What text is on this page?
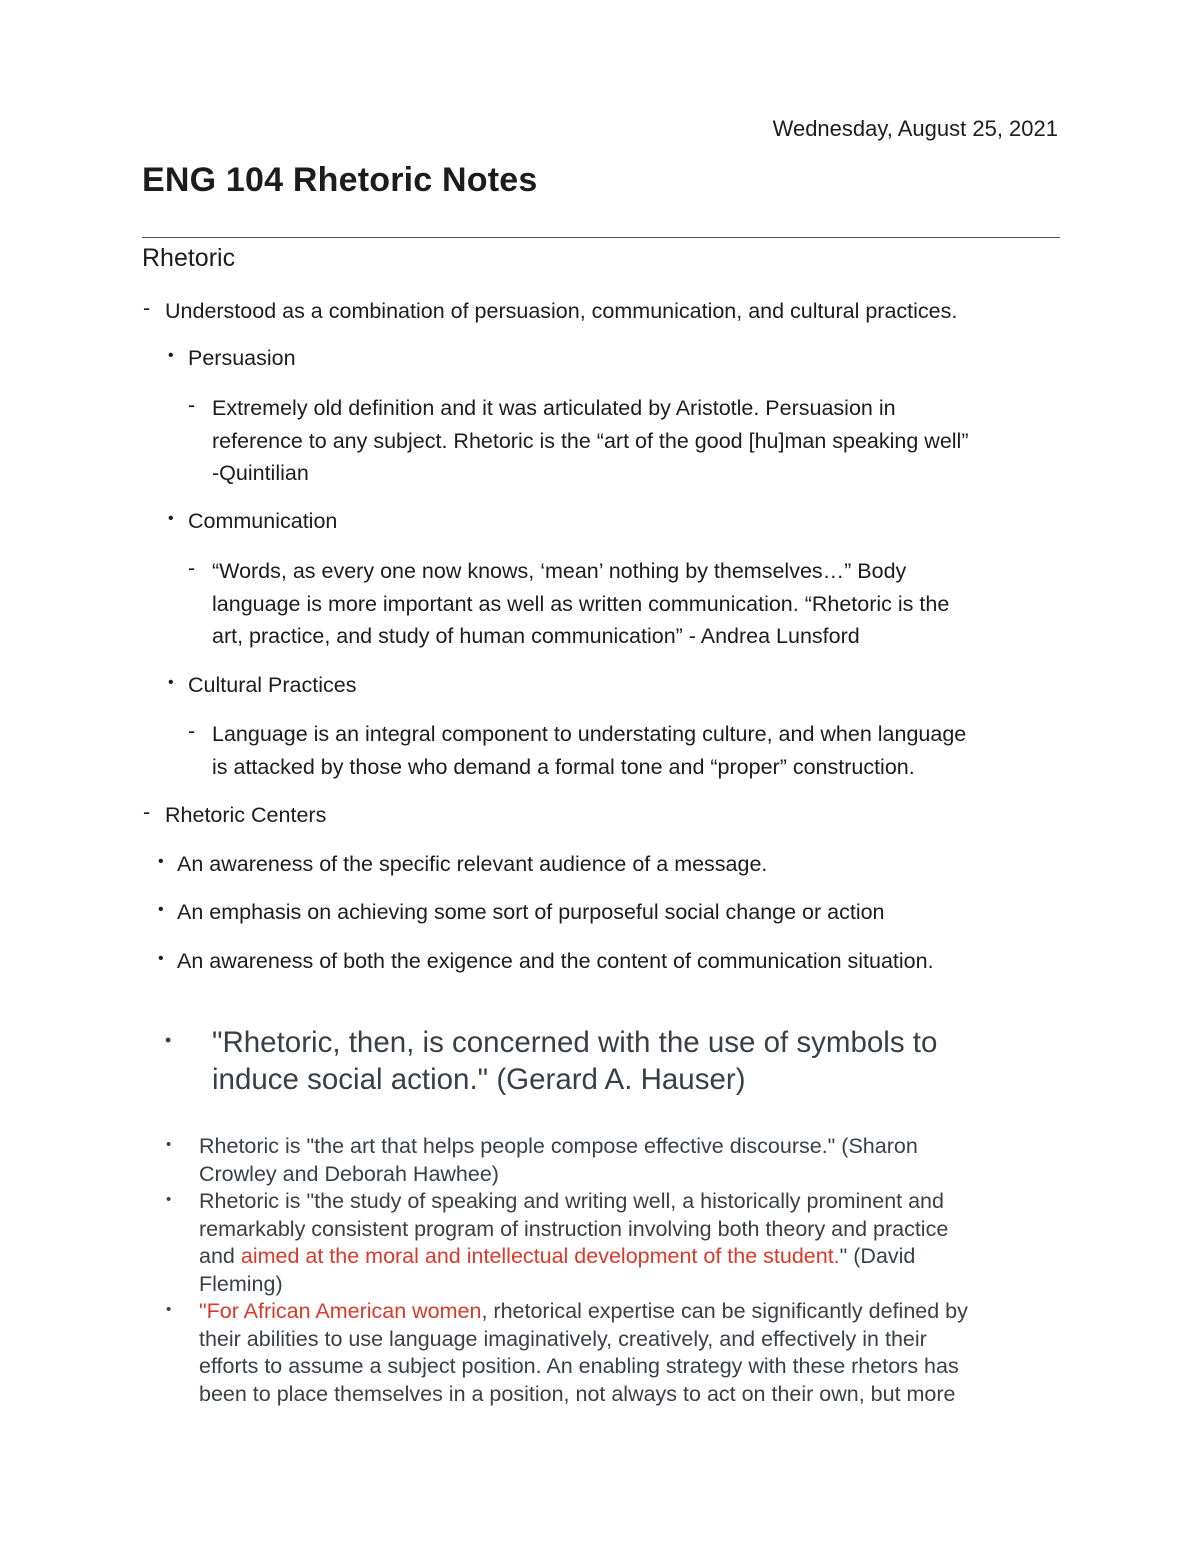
Wednesday, August 25, 2021
ENG 104 Rhetoric Notes
Rhetoric
- Understood as a combination of persuasion, communication, and cultural practices.
• Persuasion
- Extremely old definition and it was articulated by Aristotle. Persuasion in
reference to any subject. Rhetoric is the “art of the good [hu]man speaking well”
-Quintilian
• Communication
- “Words, as every one now knows, ‘mean’ nothing by themselves…” Body
language is more important as well as written communication. “Rhetoric is the
art, practice, and study of human communication” - Andrea Lunsford
• Cultural Practices
- Language is an integral component to understating culture, and when language
is attacked by those who demand a formal tone and “proper” construction.
- Rhetoric Centers
• An awareness of the specific relevant audience of a message.
• An emphasis on achieving some sort of purposeful social change or action
• An awareness of both the exigence and the content of communication situation.
• "Rhetoric, then, is concerned with the use of symbols to
induce social action." (Gerard A. Hauser)
• Rhetoric is "the art that helps people compose effective discourse." (Sharon
Crowley and Deborah Hawhee)
• Rhetoric is "the study of speaking and writing well, a historically prominent and
remarkably consistent program of instruction involving both theory and practice
and aimed at the moral and intellectual development of the student." (David
Fleming)
• "For African American women, rhetorical expertise can be significantly defined by
their abilities to use language imaginatively, creatively, and effectively in their
efforts to assume a subject position. An enabling strategy with these rhetors has
been to place themselves in a position, not always to act on their own, but more
